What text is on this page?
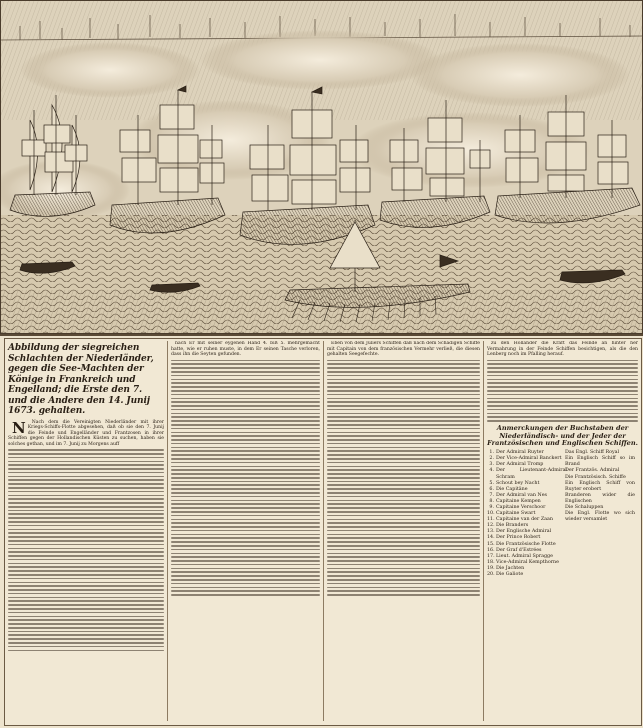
Abbildung der siegreichen Schlachten der Niederländer, gegen die See-Machten der Könige in Frankreich und Engelland; die Erste den 7. und die Andere den 14. Junij 1673. gehalten.
N	Nach dem die Vereinigten Niederländer mit ihrer Kriegs-Schiffs-Flotte abgesehen, daß ob sie den 7. Junij die Feinde und Engelländer und Frantzosen in ihrer Schiffen gegen der Hollandischen Küsten zu suchen, haben sie solches gethan, und im 7. Junij zu Morgens auff
nach Er mit seiner eygenen Hand 4. biß 5. mehrgemacht hatte, wie er ruhen muste, in dem Er seinen Tasche verloren, dass ihn die Seyten gefunden.
Eben von dem Juliers Schiffen daß nach dem Schadigen Schiffe mit Capitain von dem französischen Vermehr verließ, die diesen gehalten Seegefechte.
zu den Holländer die Kraft das Feinde an hinter her Vermahrung in der Feinde Schiffen besichtigen, als die den Lenberg noch im Pfalling herauf.
Anmerckungen der Buchstaben der Niederländisch- und der Jeder der Frantzösischen und Englischen Schiffen.
1. Der Admiral Ruyter
2. Der Vice-Admiral Banckert
3. Der Admiral Tromp
4. Der Lieutenant-Admiral Schram
5. Schout bey Nacht
6. Die Capitäne
7. Der Admiral van Nes
8. Capitaine Kempen
9. Capitaine Verschoor
10. Capitaine Swart
11. Capitaine van der Zaan
12. Die Branders
13. Der Englische Admiral
14. Der Prince Robert
15. Die Frantzösische Flotte
16. Der Graf d'Estrées
17. Lieut. Admiral Spragge
18. Vice-Admiral Kempthorne
19. Die Jachten
20. Die Galiote
Das Engl. Schiff Royal
Ein Englisch Schiff so im Brand
Der Frantzös. Admiral
Die Frantzösisch. Schiffe
Ein Englisch Schiff von Ruyter erobert
Branderen wider die Englischen
Die Schaluppen
Die Engl. Flotte wo sich wieder versamlet
